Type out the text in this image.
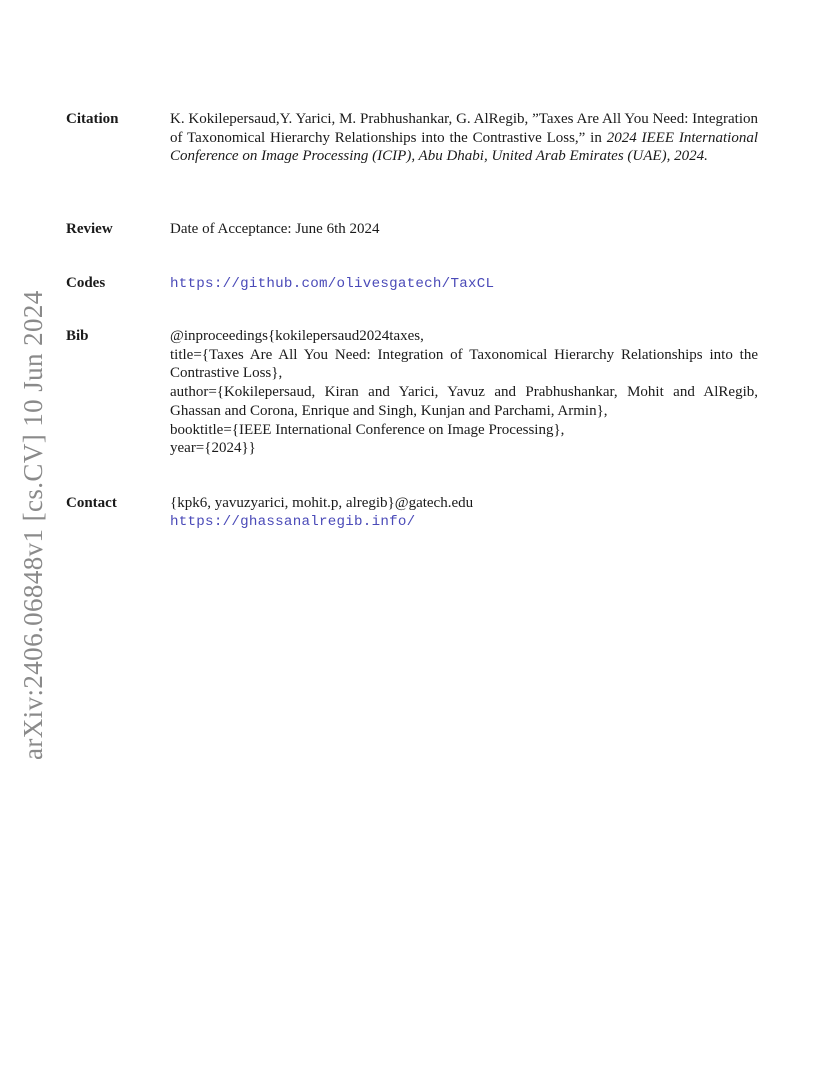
arXiv:2406.06848v1 [cs.CV] 10 Jun 2024
Citation	K. Kokilepersaud,Y. Yarici, M. Prabhushankar, G. AlRegib, ”Taxes Are All You Need: Integration of Taxonomical Hierarchy Relationships into the Contrastive Loss,” in 2024 IEEE International Conference on Image Processing (ICIP), Abu Dhabi, United Arab Emirates (UAE), 2024.
Review	Date of Acceptance: June 6th 2024
Codes	https://github.com/olivesgatech/TaxCL
Bib	@inproceedings{kokilepersaud2024taxes,
title={Taxes Are All You Need: Integration of Taxonomical Hierarchy Relationships into the Contrastive Loss},
author={Kokilepersaud, Kiran and Yarici, Yavuz and Prabhushankar, Mohit and AlRegib, Ghassan and Corona, Enrique and Singh, Kunjan and Parchami, Armin},
booktitle={IEEE International Conference on Image Processing},
year={2024}}
Contact	{kpk6, yavuzyarici, mohit.p, alregib}@gatech.edu
https://ghassanalregib.info/
